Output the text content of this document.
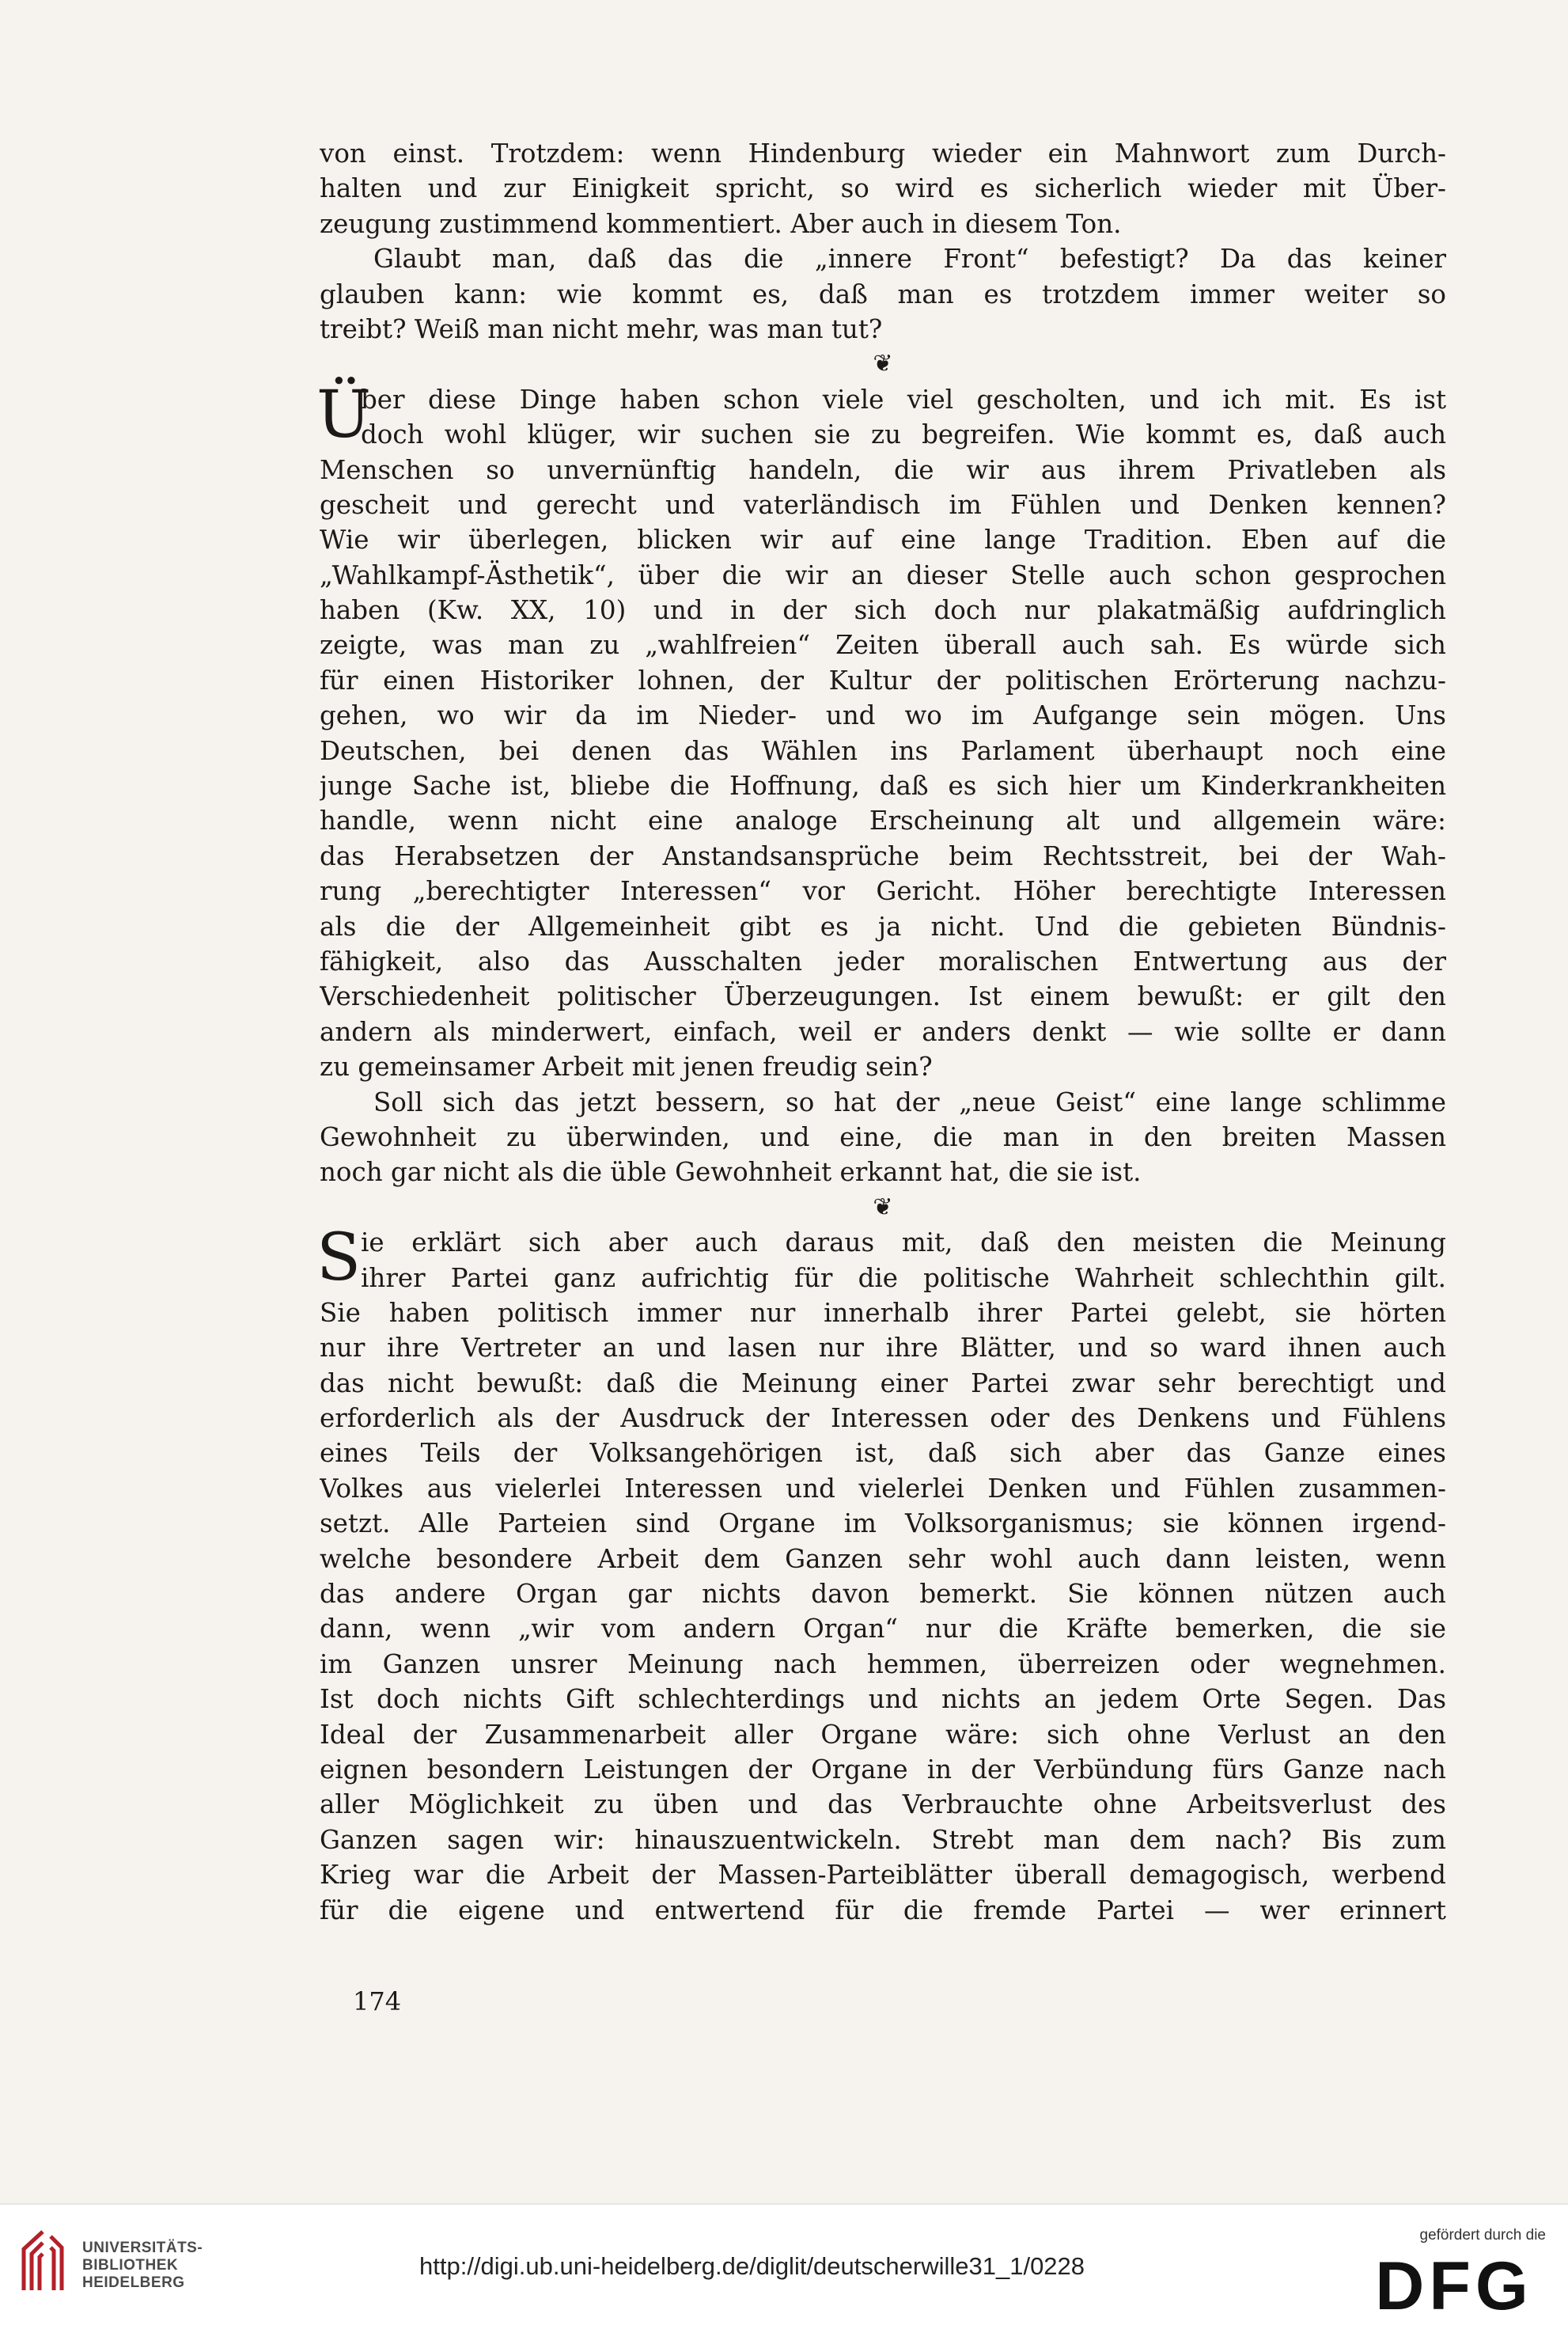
von einst. Trotzdem: wenn Hindenburg wieder ein Mahnwort zum Durch-
halten und zur Einigkeit spricht, so wird es sicherlich wieder mit Über-
zeugung zustimmend kommentiert. Aber auch in diesem Ton.
Glaubt man, daß das die „innere Front“ befestigt? Da das keiner
glauben kann: wie kommt es, daß man es trotzdem immer weiter so
treibt? Weiß man nicht mehr, was man tut?
❦
Ü
ber diese Dinge haben schon viele viel gescholten, und ich mit. Es ist
doch wohl klüger, wir suchen sie zu begreifen. Wie kommt es, daß auch
Menschen so unvernünftig handeln, die wir aus ihrem Privatleben als
gescheit und gerecht und vaterländisch im Fühlen und Denken kennen?
Wie wir überlegen, blicken wir auf eine lange Tradition. Eben auf die
„Wahlkampf-Ästhetik“, über die wir an dieser Stelle auch schon gesprochen
haben (Kw. XX, 10) und in der sich doch nur plakatmäßig aufdringlich
zeigte, was man zu „wahlfreien“ Zeiten überall auch sah. Es würde sich
für einen Historiker lohnen, der Kultur der politischen Erörterung nachzu-
gehen, wo wir da im Nieder- und wo im Aufgange sein mögen. Uns
Deutschen, bei denen das Wählen ins Parlament überhaupt noch eine
junge Sache ist, bliebe die Hoffnung, daß es sich hier um Kinderkrankheiten
handle, wenn nicht eine analoge Erscheinung alt und allgemein wäre:
das Herabsetzen der Anstandsansprüche beim Rechtsstreit, bei der Wah-
rung „berechtigter Interessen“ vor Gericht. Höher berechtigte Interessen
als die der Allgemeinheit gibt es ja nicht. Und die gebieten Bündnis-
fähigkeit, also das Ausschalten jeder moralischen Entwertung aus der
Verschiedenheit politischer Überzeugungen. Ist einem bewußt: er gilt den
andern als minderwert, einfach, weil er anders denkt — wie sollte er dann
zu gemeinsamer Arbeit mit jenen freudig sein?
Soll sich das jetzt bessern, so hat der „neue Geist“ eine lange schlimme
Gewohnheit zu überwinden, und eine, die man in den breiten Massen
noch gar nicht als die üble Gewohnheit erkannt hat, die sie ist.
❦
S ie erklärt sich aber auch daraus mit, daß den meisten die Meinung
ihrer Partei ganz aufrichtig für die politische Wahrheit schlechthin gilt.
Sie haben politisch immer nur innerhalb ihrer Partei gelebt, sie hörten
nur ihre Vertreter an und lasen nur ihre Blätter, und so ward ihnen auch
das nicht bewußt: daß die Meinung einer Partei zwar sehr berechtigt und
erforderlich als der Ausdruck der Interessen oder des Denkens und Fühlens
eines Teils der Volksangehörigen ist, daß sich aber das Ganze eines
Volkes aus vielerlei Interessen und vielerlei Denken und Fühlen zusammen-
setzt. Alle Parteien sind Organe im Volksorganismus; sie können irgend-
welche besondere Arbeit dem Ganzen sehr wohl auch dann leisten, wenn
das andere Organ gar nichts davon bemerkt. Sie können nützen auch
dann, wenn „wir vom andern Organ“ nur die Kräfte bemerken, die sie
im Ganzen unsrer Meinung nach hemmen, überreizen oder wegnehmen.
Ist doch nichts Gift schlechterdings und nichts an jedem Orte Segen. Das
Ideal der Zusammenarbeit aller Organe wäre: sich ohne Verlust an den
eignen besondern Leistungen der Organe in der Verbündung fürs Ganze nach
aller Möglichkeit zu üben und das Verbrauchte ohne Arbeitsverlust des
Ganzen sagen wir: hinauszuentwickeln. Strebt man dem nach? Bis zum
Krieg war die Arbeit der Massen-Parteiblätter überall demagogisch, werbend
für die eigene und entwertend für die fremde Partei — wer erinnert
174
UNIVERSITÄTS-
BIBLIOTHEK
HEIDELBERG
http://digi.ub.uni-heidelberg.de/diglit/deutscherwille31_1/0228
gefördert durch die
DFG
